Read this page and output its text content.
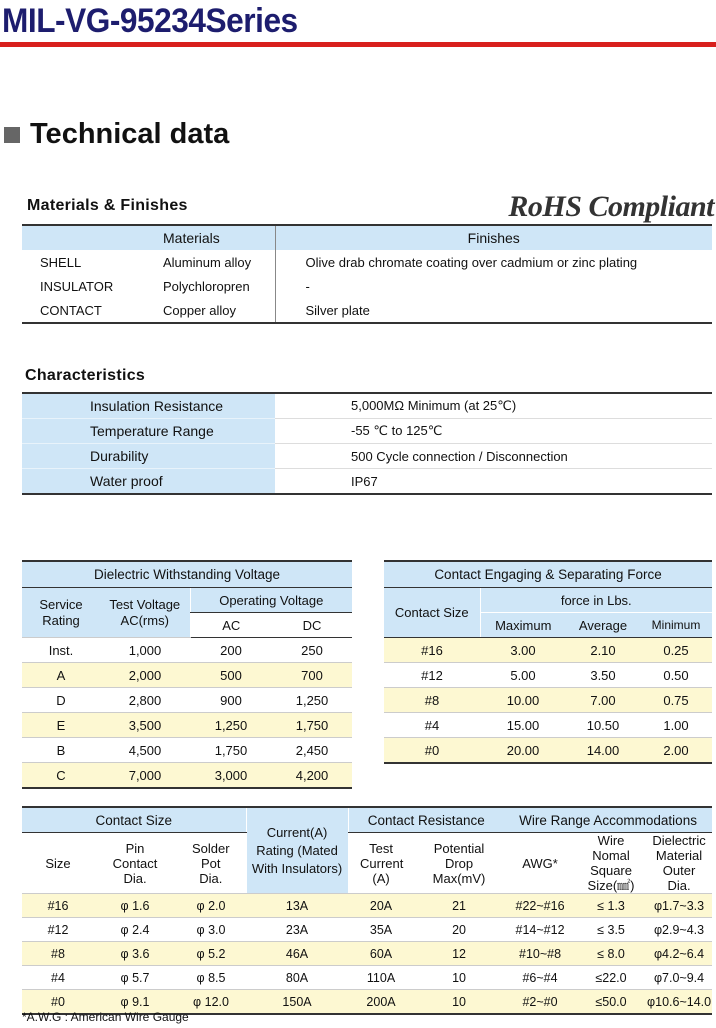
MIL-VG-95234Series
Technical data
Materials & Finishes	RoHS Compliant
	Materials	Finishes
SHELL	Aluminum alloy	Olive drab chromate coating over cadmium or zinc plating
INSULATOR	Polychloropren	-
CONTACT	Copper alloy	Silver plate
Characteristics
Insulation Resistance	5,000MΩ Minimum (at 25℃)
Temperature Range	-55 ℃ to 125℃
Durability	500 Cycle connection / Disconnection
Water proof	IP67
Dielectric Withstanding Voltage			
Service Rating	Test Voltage AC(rms)	Operating Voltage	
		AC	DC
Inst.	1,000	200	250
A	2,000	500	700
D	2,800	900	1,250
E	3,500	1,250	1,750
B	4,500	1,750	2,450
C	7,000	3,000	4,200
Contact Engaging & Separating Force			
Contact Size	force in Lbs.		
	Maximum	Average	Minimum
#16	3.00	2.10	0.25
#12	5.00	3.50	0.50
#8	10.00	7.00	0.75
#4	15.00	10.50	1.00
#0	20.00	14.00	2.00
Contact Size			Current(A) Rating (Mated With Insulators)	Contact Resistance		Wire Range Accommodations		
Size	Pin Contact Dia.	Solder Pot Dia.		Test Current (A)	Potential Drop Max(mV)	AWG*	Wire Nomal Square Size(㎟)	Dielectric Material Outer Dia.
#16	φ 1.6	φ 2.0	13A	20A	21	#22~#16	≤ 1.3	φ1.7~3.3
#12	φ 2.4	φ 3.0	23A	35A	20	#14~#12	≤ 3.5	φ2.9~4.3
#8	φ 3.6	φ 5.2	46A	60A	12	#10~#8	≤ 8.0	φ4.2~6.4
#4	φ 5.7	φ 8.5	80A	110A	10	#6~#4	≤22.0	φ7.0~9.4
#0	φ 9.1	φ 12.0	150A	200A	10	#2~#0	≤50.0	φ10.6~14.0
*A.W.G : American Wire Gauge
